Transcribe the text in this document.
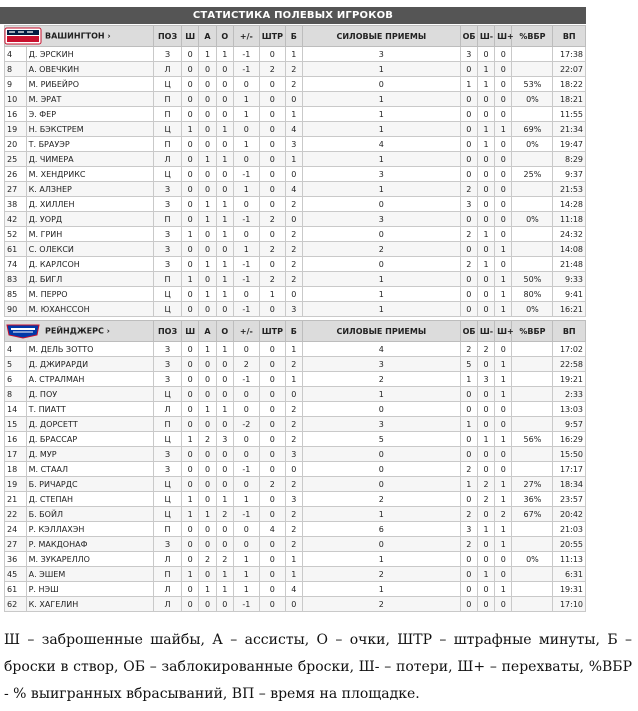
СТАТИСТИКА ПОЛЕВЫХ ИГРОКОВ
ВАШИНГТОН ›		ПОЗ	Ш	А	О	+/-	ШТР	Б	СИЛОВЫЕ ПРИЕМЫ	ОБ	Ш-	Ш+	%ВБР	ВП
4	Д. ЭРСКИН	З	0	1	1	-1	0	1	3	3	0	0		17:38
8	А. ОВЕЧКИН	Л	0	0	0	-1	2	2	1	0	1	0		22:07
9	М. РИБЕЙРО	Ц	0	0	0	0	0	2	0	1	1	0	53%	18:22
10	М. ЭРАТ	П	0	0	0	1	0	0	1	0	0	0	0%	18:21
16	Э. ФЕР	П	0	0	0	1	0	1	1	0	0	0		11:55
19	Н. БЭКСТРЕМ	Ц	1	0	1	0	0	4	1	0	1	1	69%	21:34
20	Т. БРАУЭР	П	0	0	0	1	0	3	4	0	1	0	0%	19:47
25	Д. ЧИМЕРА	Л	0	1	1	0	0	1	1	0	0	0		8:29
26	М. ХЕНДРИКС	Ц	0	0	0	-1	0	0	3	0	0	0	25%	9:37
27	К. АЛЗНЕР	З	0	0	0	1	0	4	1	2	0	0		21:53
38	Д. ХИЛЛЕН	З	0	1	1	0	0	2	0	3	0	0		14:28
42	Д. УОРД	П	0	1	1	-1	2	0	3	0	0	0	0%	11:18
52	М. ГРИН	З	1	0	1	0	0	2	0	2	1	0		24:32
61	С. ОЛЕКСИ	З	0	0	0	1	2	2	2	0	0	1		14:08
74	Д. КАРЛСОН	З	0	1	1	-1	0	2	0	2	1	0		21:48
83	Д. БИГЛ	П	1	0	1	-1	2	2	1	0	0	1	50%	9:33
85	М. ПЕРРО	Ц	0	1	1	0	1	0	1	0	0	1	80%	9:41
90	М. ЮХАНССОН	Ц	0	0	0	-1	0	3	1	0	0	1	0%	16:21
РЕЙНДЖЕРС ›		ПОЗ	Ш	А	О	+/-	ШТР	Б	СИЛОВЫЕ ПРИЕМЫ	ОБ	Ш-	Ш+	%ВБР	ВП
4	М. ДЕЛЬ ЗОТТО	З	0	1	1	0	0	1	4	2	2	0		17:02
5	Д. ДЖИРАРДИ	З	0	0	0	2	0	2	3	5	0	1		22:58
6	А. СТРАЛМАН	З	0	0	0	-1	0	1	2	1	3	1		19:21
8	Д. ПОУ	Ц	0	0	0	0	0	0	1	0	0	1		2:33
14	Т. ПИАТТ	Л	0	1	1	0	0	2	0	0	0	0		13:03
15	Д. ДОРСЕТТ	П	0	0	0	-2	0	2	3	1	0	0		9:57
16	Д. БРАССАР	Ц	1	2	3	0	0	2	5	0	1	1	56%	16:29
17	Д. МУР	З	0	0	0	0	0	3	0	0	0	0		15:50
18	М. СТААЛ	З	0	0	0	-1	0	0	0	2	0	0		17:17
19	Б. РИЧАРДС	Ц	0	0	0	0	2	2	0	1	2	1	27%	18:34
21	Д. СТЕПАН	Ц	1	0	1	1	0	3	2	0	2	1	36%	23:57
22	Б. БОЙЛ	Ц	1	1	2	-1	0	2	1	2	0	2	67%	20:42
24	Р. КЭЛЛАХЭН	П	0	0	0	0	4	2	6	3	1	1		21:03
27	Р. МАКДОНАФ	З	0	0	0	0	0	2	0	2	0	1		20:55
36	М. ЗУКАРЕЛЛО	Л	0	2	2	1	0	1	1	0	0	0	0%	11:13
45	А. ЭШЕМ	П	1	0	1	1	0	1	2	0	1	0		6:31
61	Р. НЭШ	Л	0	1	1	1	0	4	1	0	0	1		19:31
62	К. ХАГЕЛИН	Л	0	0	0	-1	0	0	2	0	0	0		17:10
Ш – заброшенные шайбы, А – ассисты, О – очки, ШТР – штрафные минуты, Б – броски в створ, ОБ – заблокированные броски, Ш- – потери, Ш+ – перехваты, %ВБР - % выигранных вбрасываний, ВП – время на площадке.
